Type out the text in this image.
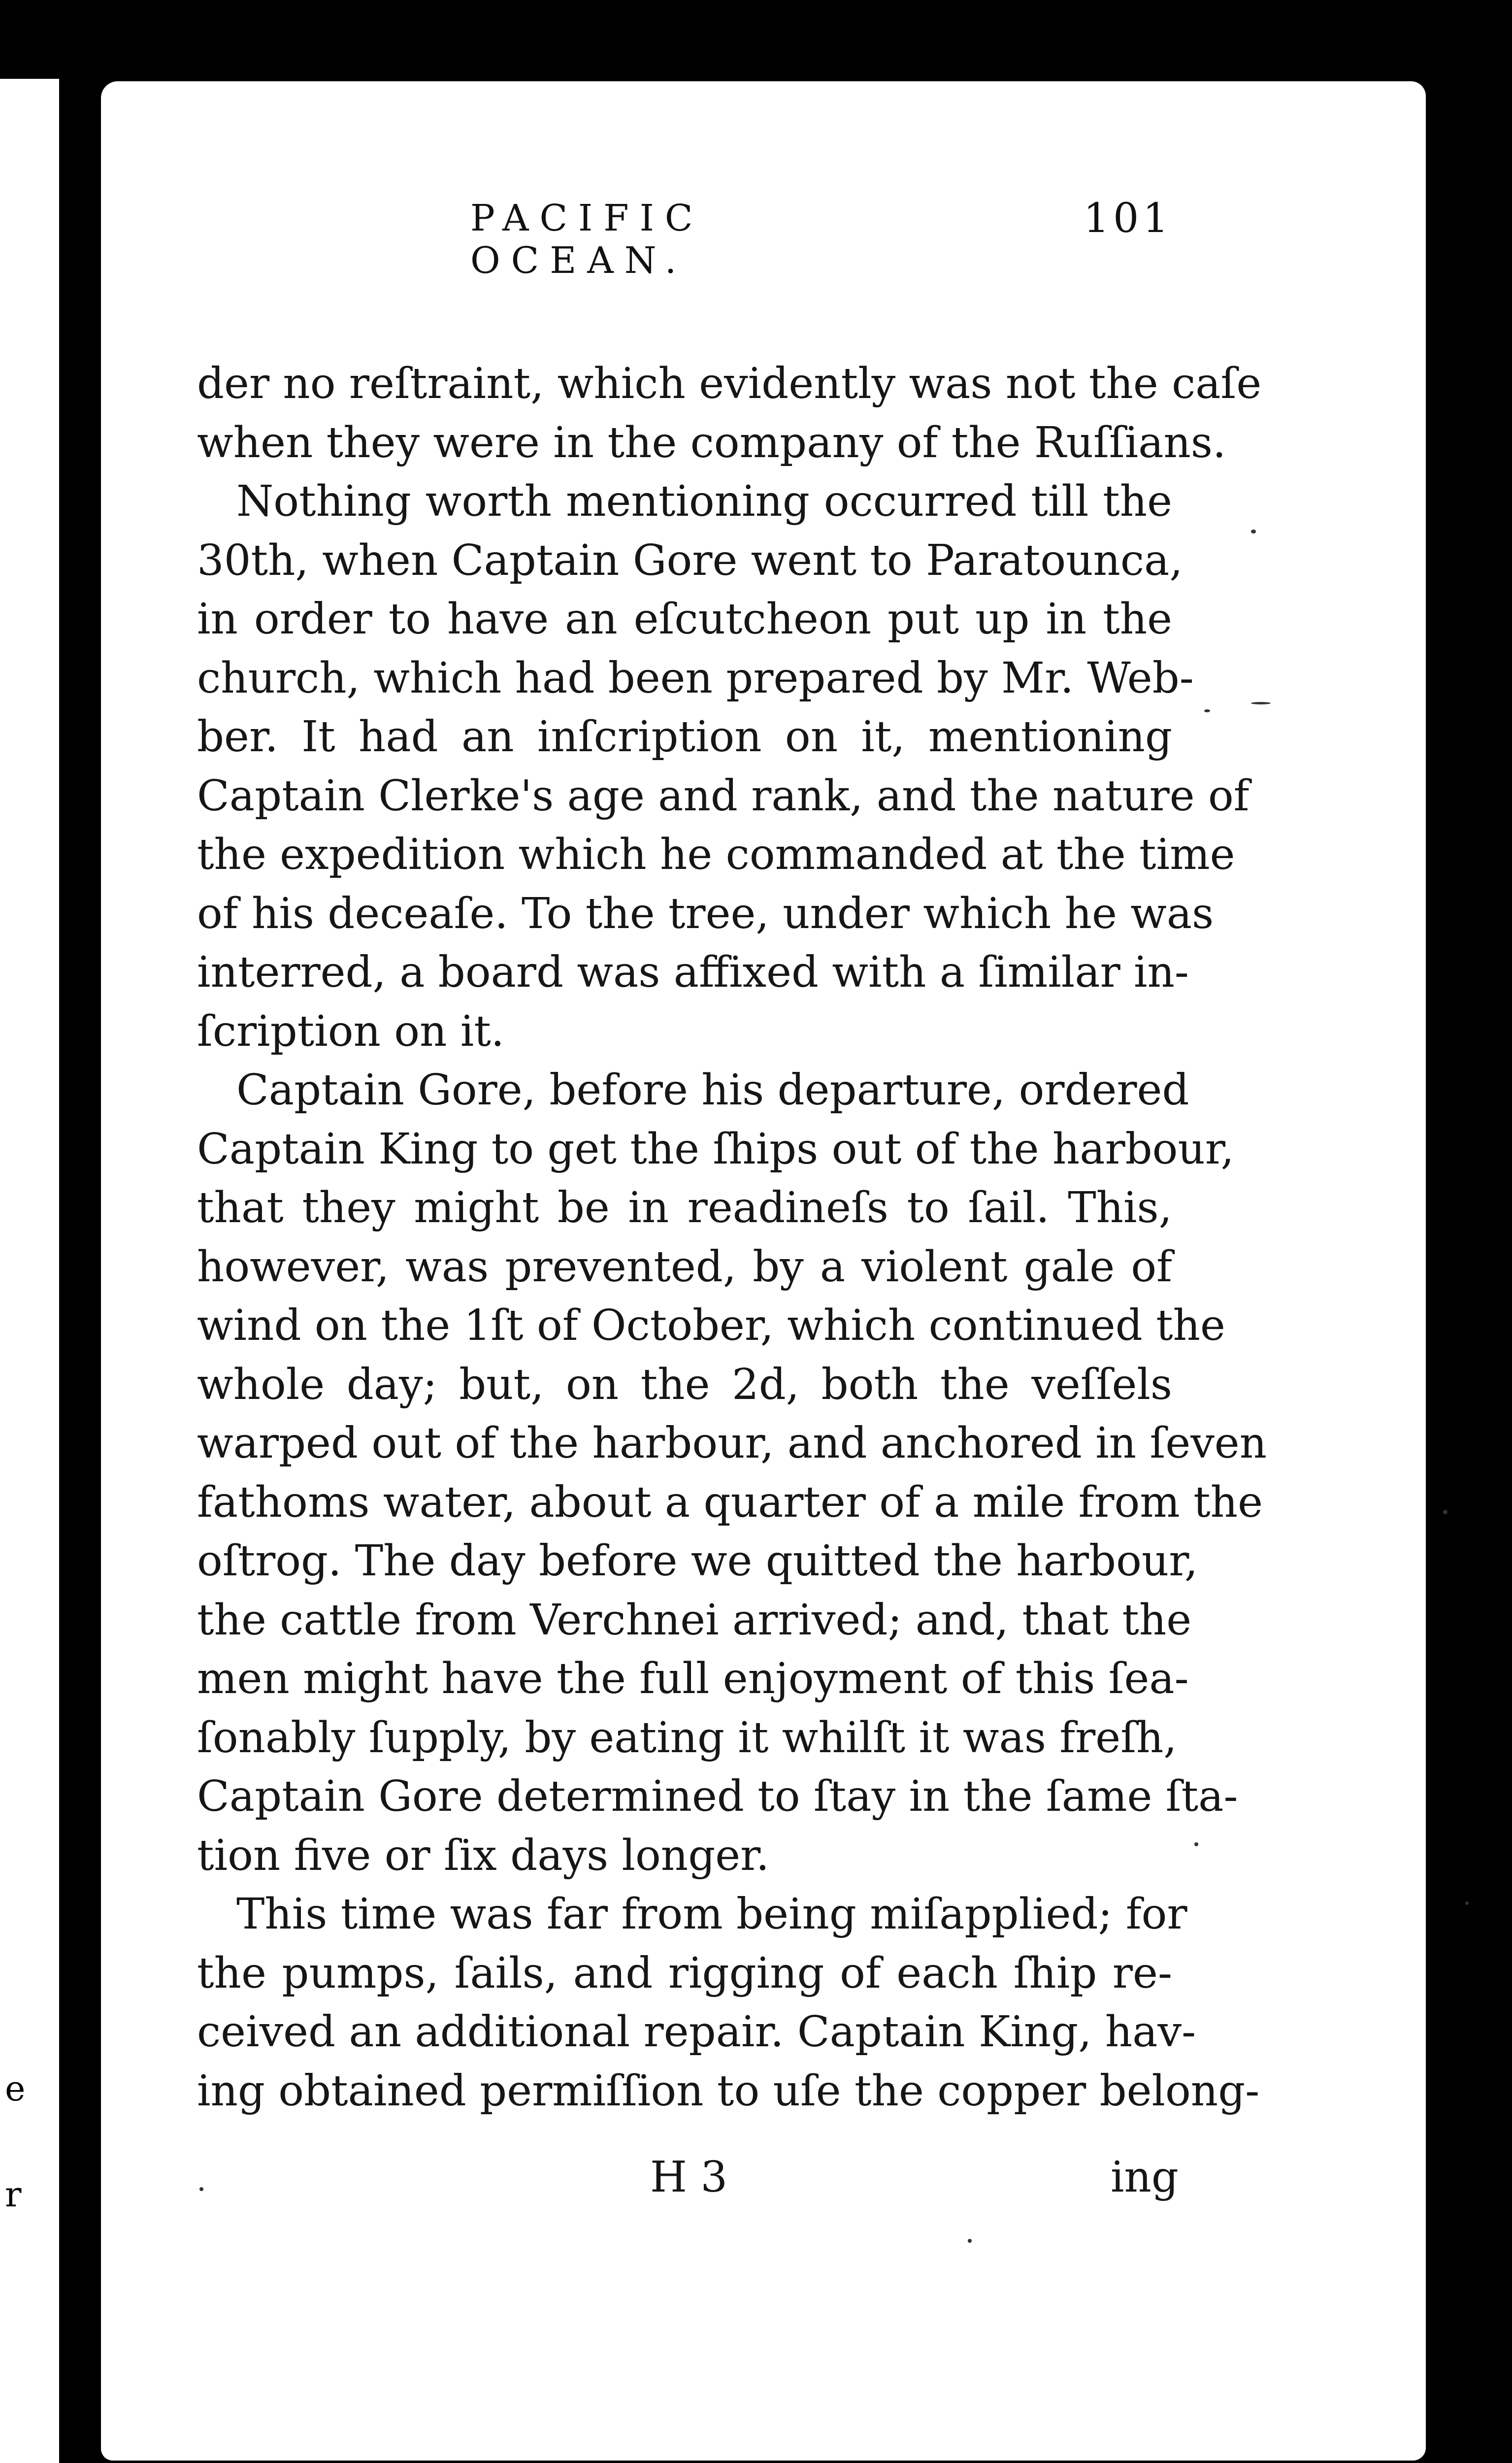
e
r
PACIFIC OCEAN.
101
der no reſtraint, which evidently was not the caſe
when they were in the company of the Ruſſians.
Nothing worth mentioning occurred till the
30th, when Captain Gore went to Paratounca,
in order to have an eſcutcheon put up in the
church, which had been prepared by Mr. Web-
ber. It had an inſcription on it, mentioning
Captain Clerke's age and rank, and the nature of
the expedition which he commanded at the time
of his deceaſe. To the tree, under which he was
interred, a board was affixed with a ſimilar in-
ſcription on it.
Captain Gore, before his departure, ordered
Captain King to get the ſhips out of the harbour,
that they might be in readineſs to ſail. This,
however, was prevented, by a violent gale of
wind on the 1ſt of October, which continued the
whole day; but, on the 2d, both the veſſels
warped out of the harbour, and anchored in ſeven
fathoms water, about a quarter of a mile from the
oſtrog. The day before we quitted the harbour,
the cattle from Verchnei arrived; and, that the
men might have the full enjoyment of this ſea-
ſonably ſupply, by eating it whilſt it was freſh,
Captain Gore determined to ſtay in the ſame ſta-
tion five or ſix days longer.
This time was far from being miſapplied; for
the pumps, ſails, and rigging of each ſhip re-
ceived an additional repair. Captain King, hav-
ing obtained permiſſion to uſe the copper belong-
H 3	ing
